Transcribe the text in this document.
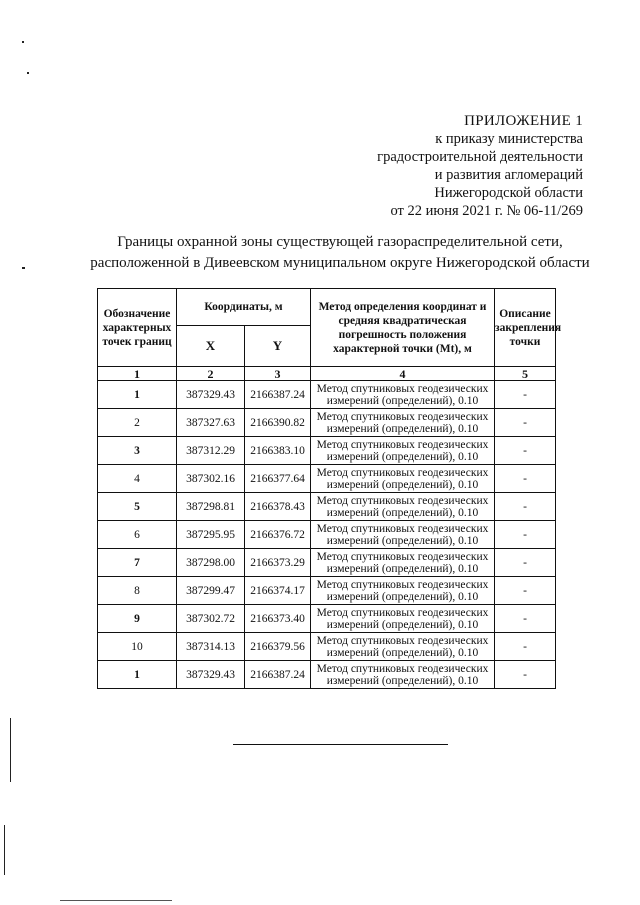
ПРИЛОЖЕНИЕ 1
к приказу министерства
градостроительной деятельности
и развития агломераций
Нижегородской области
от 22 июня 2021 г. № 06-11/269
Границы охранной зоны существующей газораспределительной сети,
расположенной в Дивеевском муниципальном округе Нижегородской области
Обозначение характерных точек границ	Координаты, м		Метод определения координат и средняя квадратическая погрешность положения характерной точки (Mt), м	Описание закрепления точки
	X	Y		
1	2	3	4	5
1	387329.43	2166387.24	Метод спутниковых геодезических измерений (определений), 0.10	-
2	387327.63	2166390.82	Метод спутниковых геодезических измерений (определений), 0.10	-
3	387312.29	2166383.10	Метод спутниковых геодезических измерений (определений), 0.10	-
4	387302.16	2166377.64	Метод спутниковых геодезических измерений (определений), 0.10	-
5	387298.81	2166378.43	Метод спутниковых геодезических измерений (определений), 0.10	-
6	387295.95	2166376.72	Метод спутниковых геодезических измерений (определений), 0.10	-
7	387298.00	2166373.29	Метод спутниковых геодезических измерений (определений), 0.10	-
8	387299.47	2166374.17	Метод спутниковых геодезических измерений (определений), 0.10	-
9	387302.72	2166373.40	Метод спутниковых геодезических измерений (определений), 0.10	-
10	387314.13	2166379.56	Метод спутниковых геодезических измерений (определений), 0.10	-
1	387329.43	2166387.24	Метод спутниковых геодезических измерений (определений), 0.10	-
